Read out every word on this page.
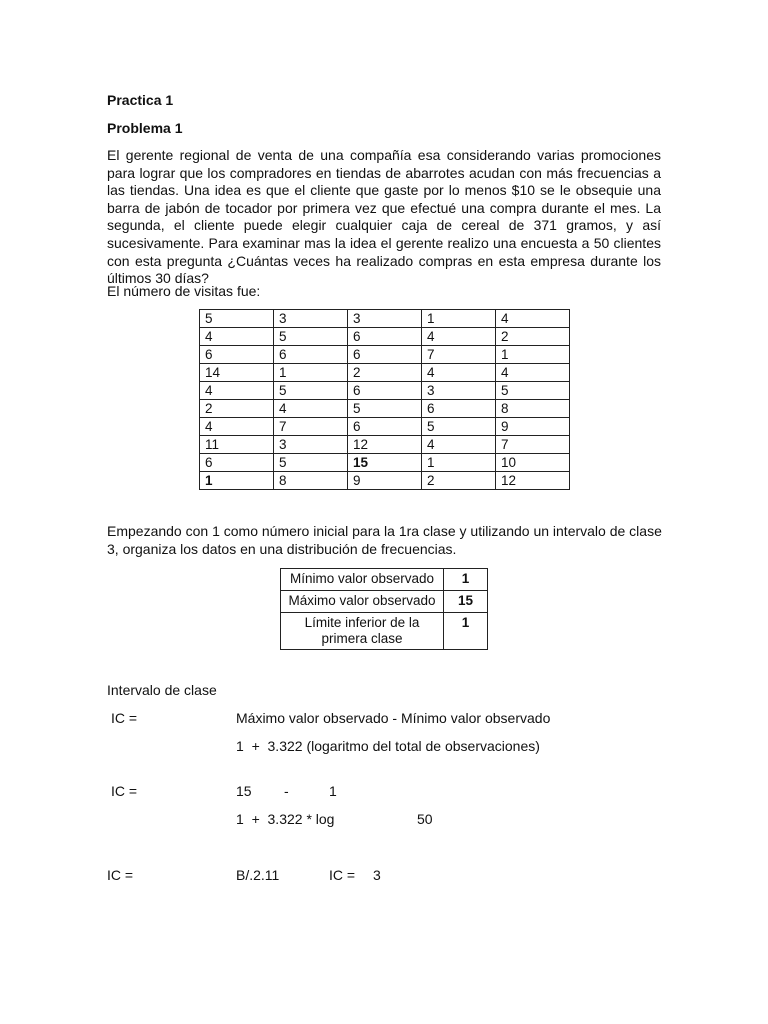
Practica 1
Problema 1
El gerente regional de venta de una compañía esa considerando varias promociones para lograr que los compradores en tiendas de abarrotes acudan con más frecuencias a las tiendas. Una idea es que el cliente que gaste por lo menos $10 se le obsequie una barra de jabón de tocador por primera vez que efectué una compra durante el mes. La segunda, el cliente puede elegir cualquier caja de cereal de 371 gramos, y así sucesivamente. Para examinar mas la idea el gerente realizo una encuesta a 50 clientes con esta pregunta ¿Cuántas veces ha realizado compras en esta empresa durante los últimos 30 días?
El número de visitas fue:
5	3	3	1	4
4	5	6	4	2
6	6	6	7	1
14	1	2	4	4
4	5	6	3	5
2	4	5	6	8
4	7	6	5	9
11	3	12	4	7
6	5	15	1	10
1	8	9	2	12
Empezando con 1 como número inicial para la 1ra clase y utilizando un intervalo de clase 3, organiza los datos en una distribución de frecuencias.
Mínimo valor observado	1
Máximo valor observado	15
Límite inferior de la primera clase	1
Intervalo de clase
IC =	Máximo valor observado - Mínimo valor observado
1  +  3.322 (logaritmo del total de observaciones)
IC =	15 -	1
1  +  3.322 * log	50
IC =	B/.2.11	IC = 3
